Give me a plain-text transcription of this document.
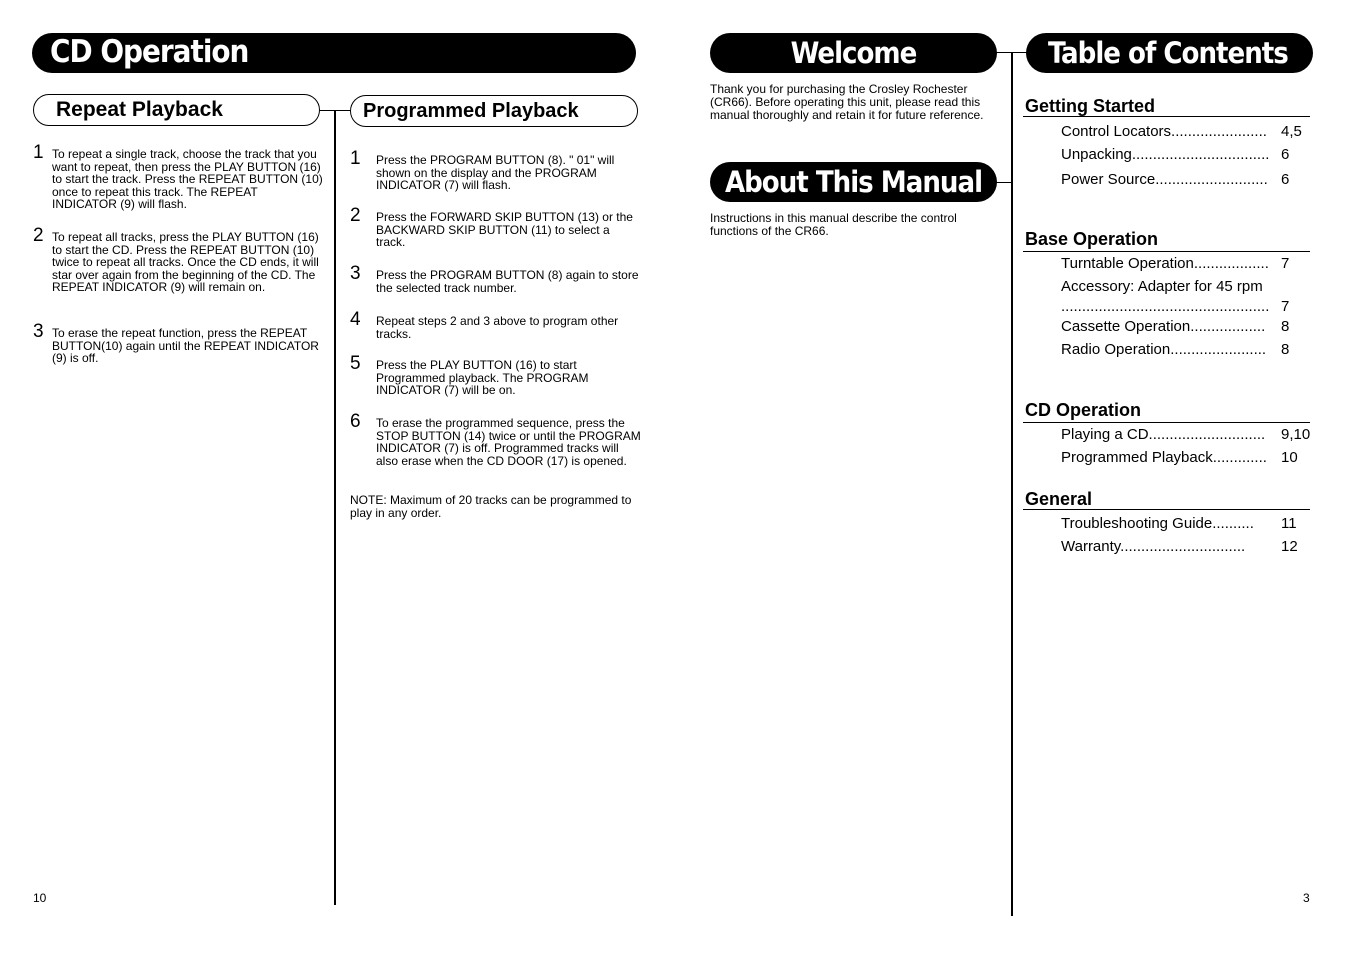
CD Operation
Repeat Playback	Programmed Playback
1 To repeat a single track, choose the track that you want to repeat, then press the PLAY BUTTON (16) to start the track. Press the REPEAT BUTTON (10) once to repeat this track. The REPEAT INDICATOR (9) will flash.
2 To repeat all tracks, press the PLAY BUTTON (16) to start the CD. Press the REPEAT BUTTON (10) twice to repeat all tracks. Once the CD ends, it will star over again from the beginning of the CD. The REPEAT INDICATOR (9) will remain on.
3 To erase the repeat function, press the REPEAT BUTTON(10) again until the REPEAT INDICATOR (9) is off.
1 Press the PROGRAM BUTTON (8). " 01" will shown on the display and the PROGRAM INDICATOR (7) will flash.
2 Press the FORWARD SKIP BUTTON (13) or the BACKWARD SKIP BUTTON (11) to select a track.
3 Press the PROGRAM BUTTON (8) again to store the selected track number.
4 Repeat steps 2 and 3 above to program other tracks.
5 Press the PLAY BUTTON (16) to start Programmed playback. The PROGRAM INDICATOR (7) will be on.
6 To erase the programmed sequence, press the STOP BUTTON (14) twice or until the PROGRAM INDICATOR (7) is off. Programmed tracks will also erase when the CD DOOR (17) is opened.
NOTE: Maximum of 20 tracks can be programmed to play in any order.
10
Welcome
Thank you for purchasing the Crosley Rochester (CR66). Before operating this unit, please read this manual thoroughly and retain it for future reference.
About This Manual
Instructions in this manual describe the control functions of the CR66.
Table of Contents
Getting Started
Control Locators....................... 4,5
Unpacking................................. 6
Power Source........................... 6
Base Operation
Turntable Operation.................. 7
Accessory: Adapter for 45 rpm
.................................................. 7
Cassette Operation.................. 8
Radio Operation....................... 8
CD Operation
Playing a CD............................ 9,10
Programmed Playback............. 10
General
Troubleshooting Guide.......... 11
Warranty.............................. 12
3
